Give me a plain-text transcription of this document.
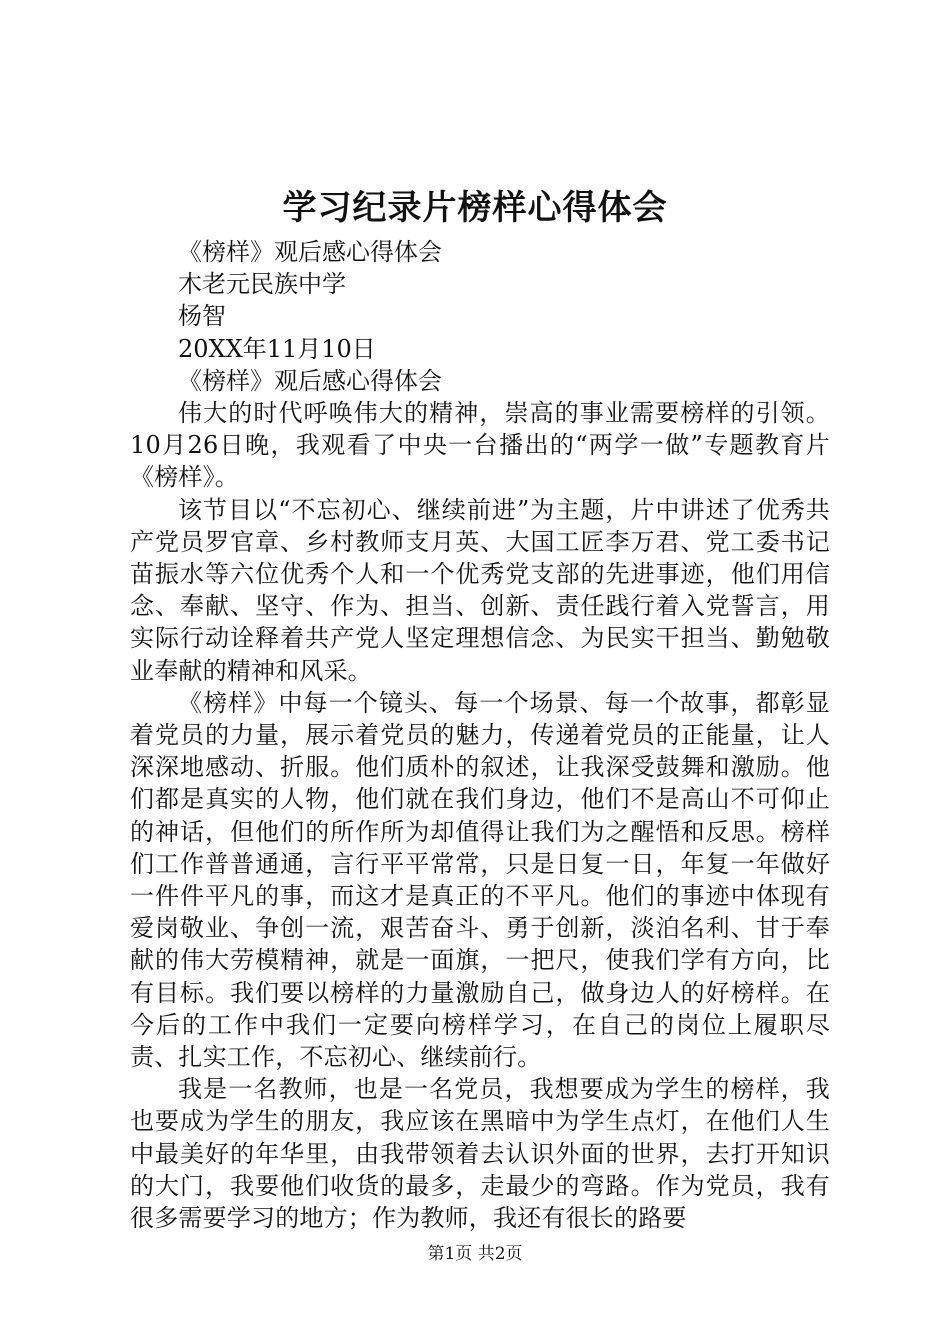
学习纪录片榜样心得体会

《榜样》观后感心得体会

木老元民族中学

杨智

20XX年11月10日

《榜样》观后感心得体会

伟大的时代呼唤伟大的精神，崇高的事业需要榜样的引领。10月26日晚，我观看了中央一台播出的“两学一做”专题教育片《榜样》。

该节目以“不忘初心、继续前进”为主题，片中讲述了优秀共产党员罗官章、乡村教师支月英、大国工匠李万君、党工委书记苗振水等六位优秀个人和一个优秀党支部的先进事迹，他们用信念、奉献、坚守、作为、担当、创新、责任践行着入党誓言，用实际行动诠释着共产党人坚定理想信念、为民实干担当、勤勉敬业奉献的精神和风采。

《榜样》中每一个镜头、每一个场景、每一个故事，都彰显着党员的力量，展示着党员的魅力，传递着党员的正能量，让人深深地感动、折服。他们质朴的叙述，让我深受鼓舞和激励。他们都是真实的人物，他们就在我们身边，他们不是高山不可仰止的神话，但他们的所作所为却值得让我们为之醒悟和反思。榜样们工作普普通通，言行平平常常，只是日复一日，年复一年做好一件件平凡的事，而这才是真正的不平凡。他们的事迹中体现有爱岗敬业、争创一流，艰苦奋斗、勇于创新，淡泊名利、甘于奉献的伟大劳模精神，就是一面旗，一把尺，使我们学有方向，比有目标。我们要以榜样的力量激励自己，做身边人的好榜样。在今后的工作中我们一定要向榜样学习，在自己的岗位上履职尽责、扎实工作，不忘初心、继续前行。

我是一名教师，也是一名党员，我想要成为学生的榜样，我也要成为学生的朋友，我应该在黑暗中为学生点灯，在他们人生中最美好的年华里，由我带领着去认识外面的世界，去打开知识的大门，我要他们收货的最多，走最少的弯路。作为党员，我有很多需要学习的地方；作为教师，我还有很长的路要

第1页 共2页
